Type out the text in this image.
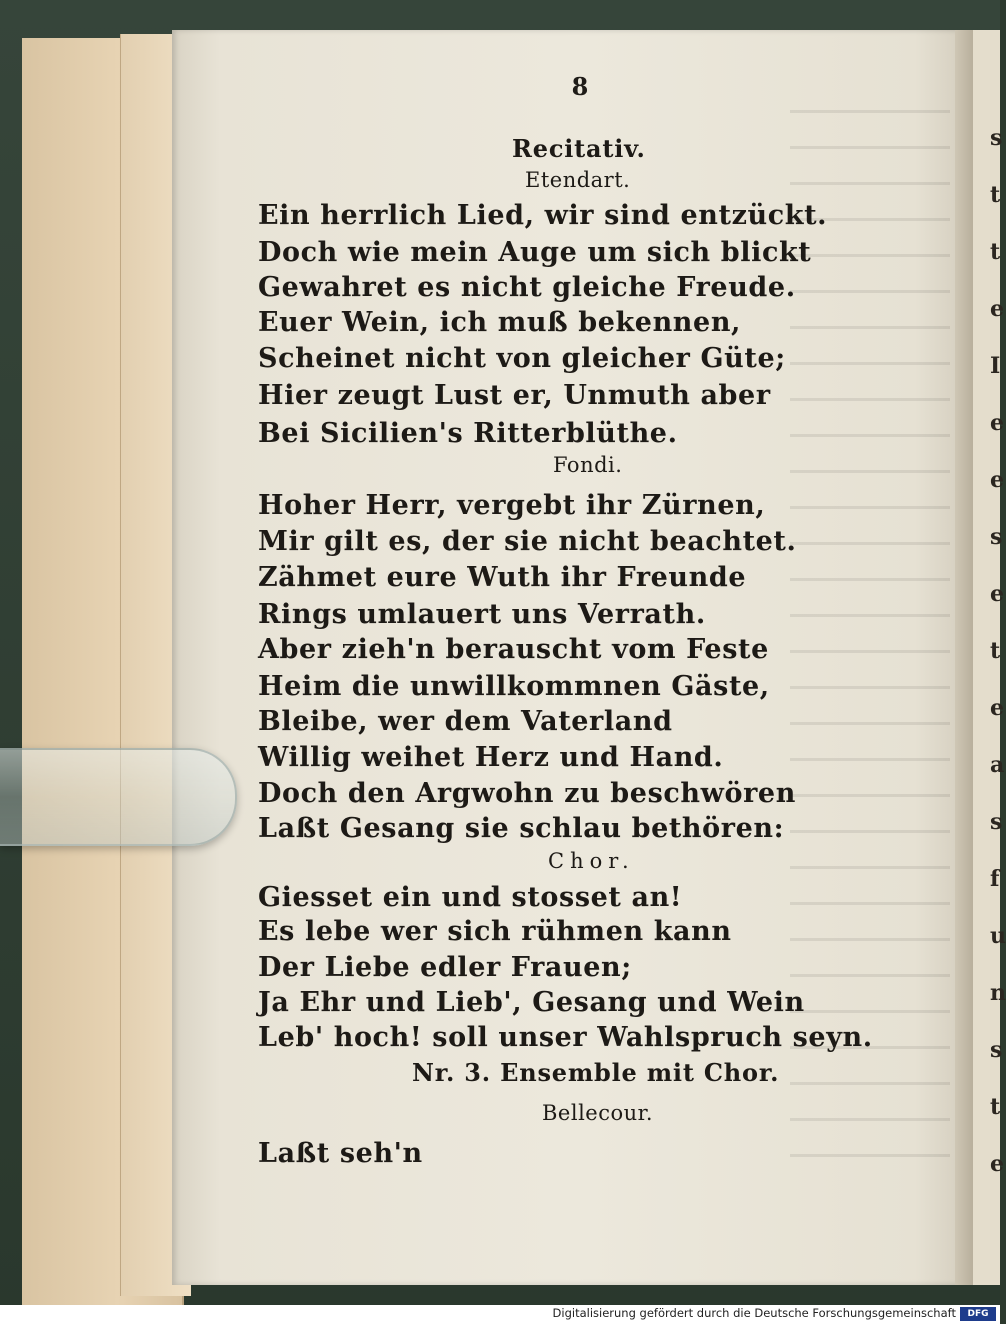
s
t
t
e
I
e
e
s
e
t
e
a
s
f
u
n
s
t
e
8
Recitativ.
Etendart.
Ein herrlich Lied, wir sind entzückt.
Doch wie mein Auge um sich blickt
Gewahret es nicht gleiche Freude.
Euer Wein, ich muß bekennen,
Scheinet nicht von gleicher Güte;
Hier zeugt Lust er, Unmuth aber
Bei Sicilien's Ritterblüthe.
Fondi.
Hoher Herr, vergebt ihr Zürnen,
Mir gilt es, der sie nicht beachtet.
Zähmet eure Wuth ihr Freunde
Rings umlauert uns Verrath.
Aber zieh'n berauscht vom Feste
Heim die unwillkommnen Gäste,
Bleibe, wer dem Vaterland
Willig weihet Herz und Hand.
Doch den Argwohn zu beschwören
Laßt Gesang sie schlau bethören:
Chor.
Giesset ein und stosset an!
Es lebe wer sich rühmen kann
Der Liebe edler Frauen;
Ja Ehr und Lieb', Gesang und Wein
Leb' hoch! soll unser Wahlspruch seyn.
Nr. 3. Ensemble mit Chor.
Bellecour.
Laßt seh'n
Digitalisierung gefördert durch die Deutsche Forschungsgemeinschaft	DFG
